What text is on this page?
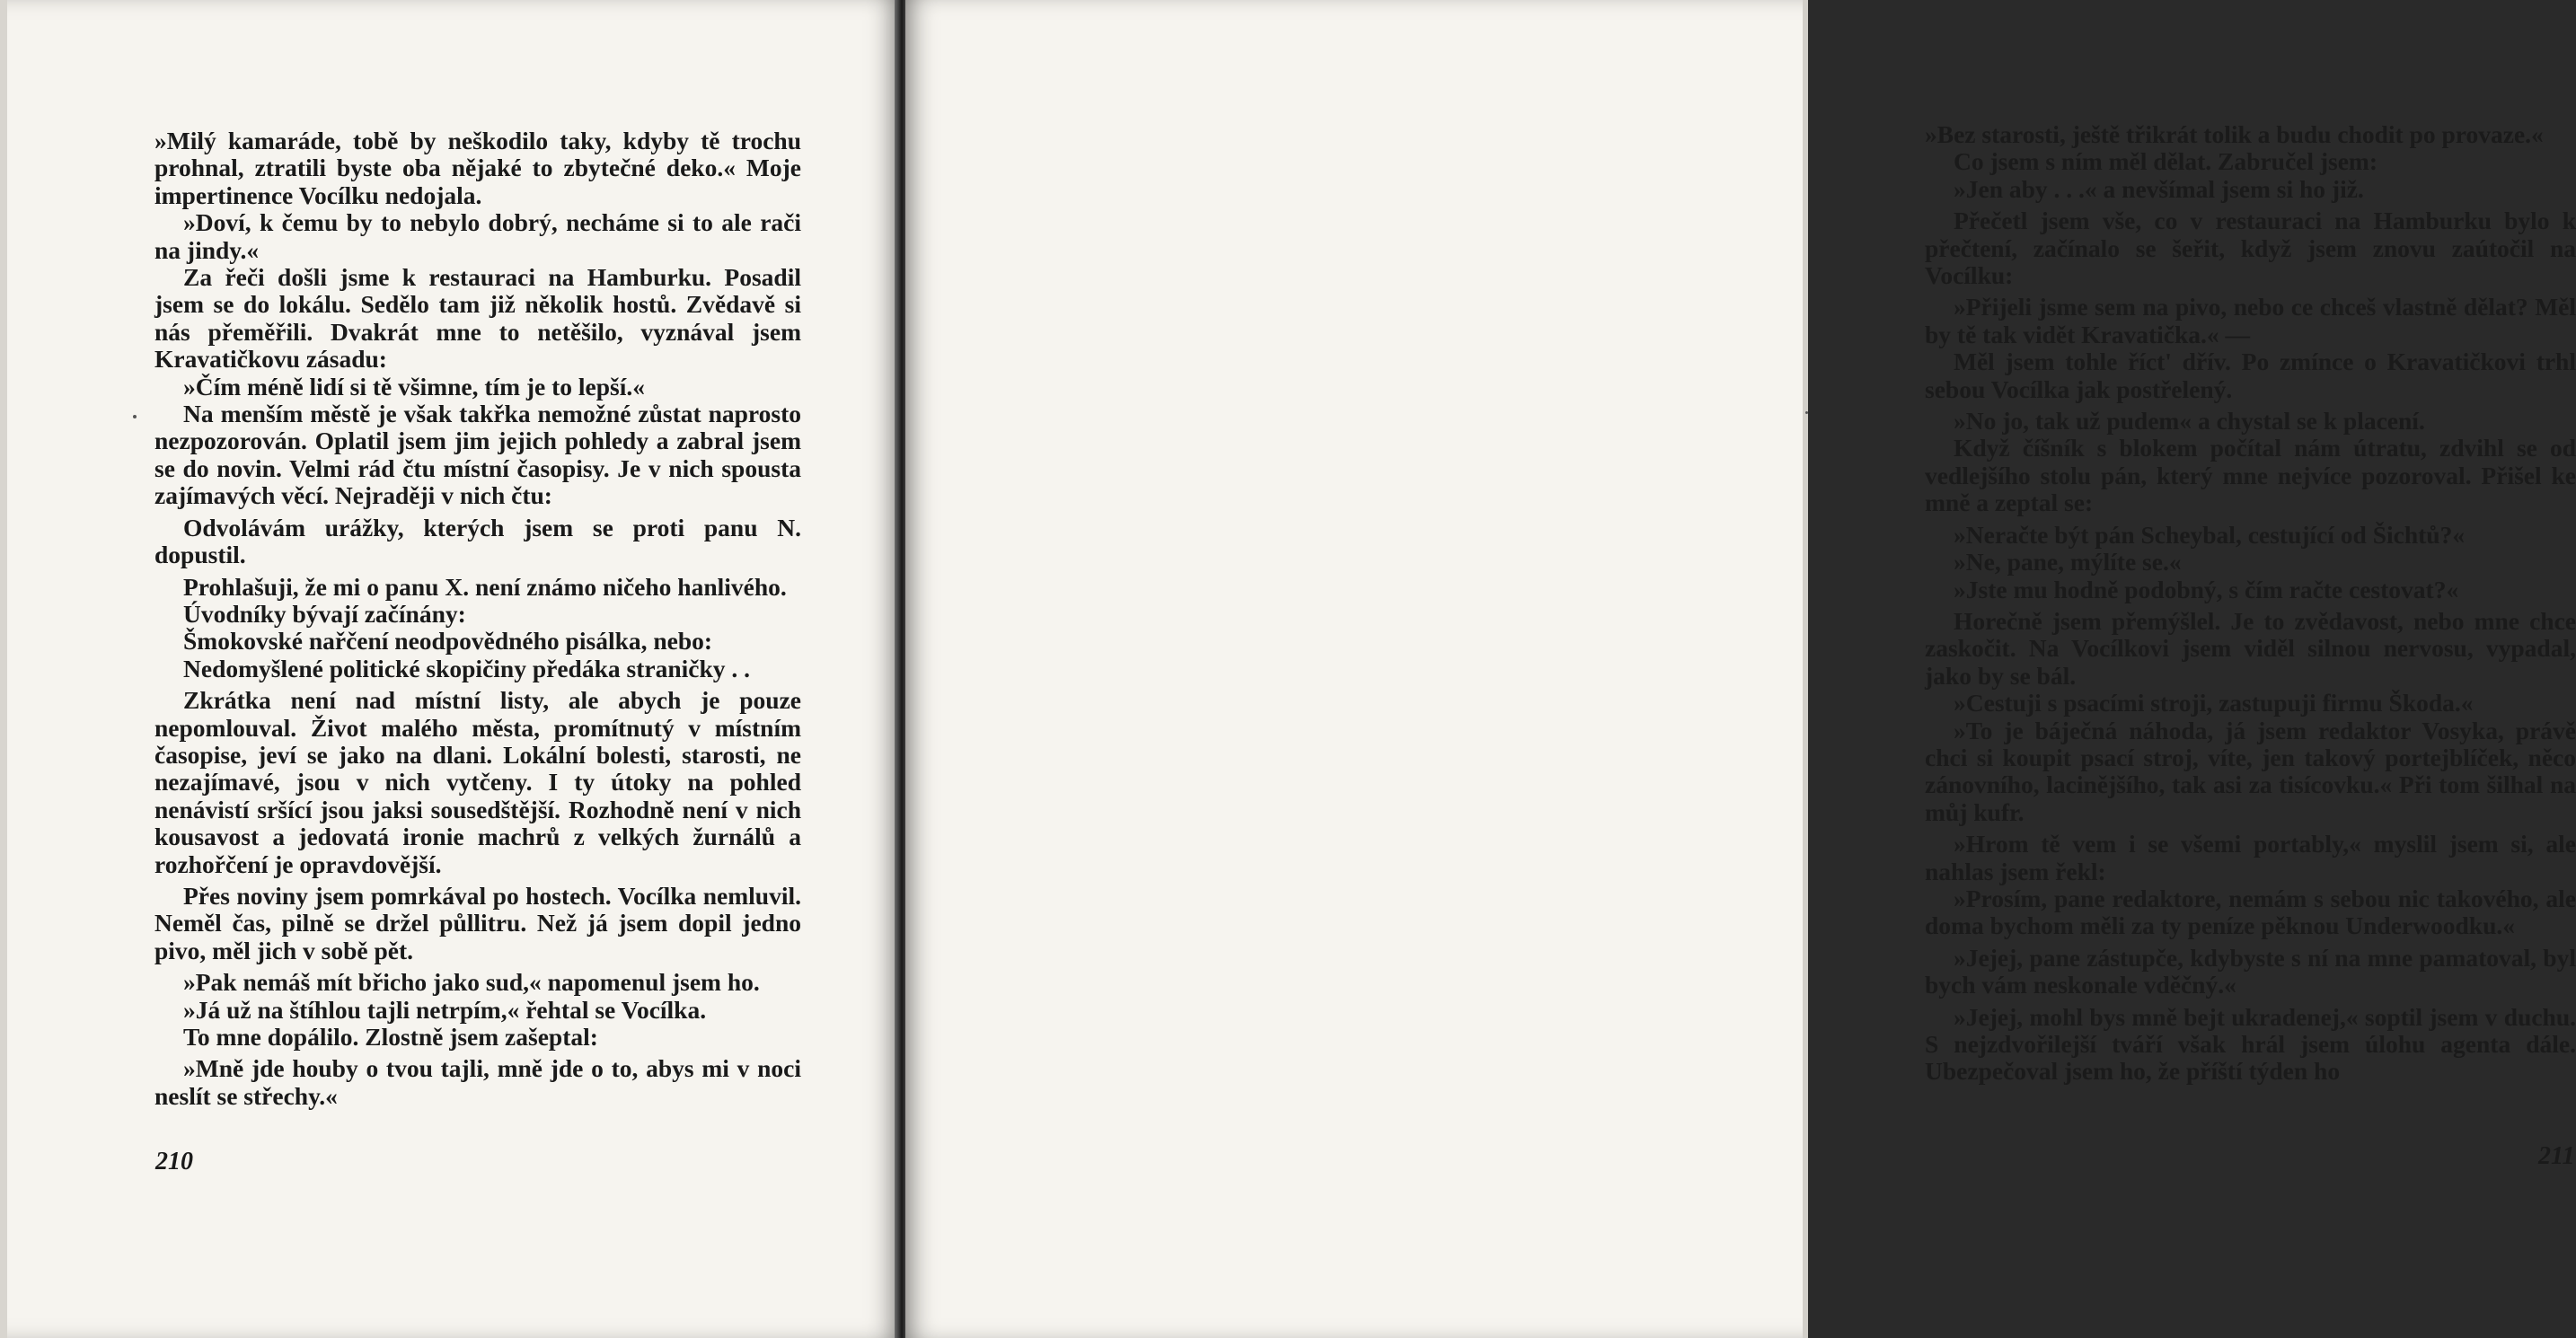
»Milý kamaráde, tobě by neškodilo taky, kdyby tě trochu prohnal, ztratili byste oba nějaké to zbytečné deko.« Moje impertinence Vocílku nedojala.

»Doví, k čemu by to nebylo dobrý, necháme si to ale rači na jindy.«

Za řeči došli jsme k restauraci na Hamburku. Posadil jsem se do lokálu. Sedělo tam již několik hostů. Zvědavě si nás přeměřili. Dvakrát mne to netěšilo, vyznával jsem Kravatičkovu zásadu:

»Čím méně lidí si tě všimne, tím je to lepší.«

Na menším městě je však takřka nemožné zůstat naprosto nezpozorován. Oplatil jsem jim jejich pohledy a zabral jsem se do novin. Velmi rád čtu místní časopisy. Je v nich spousta zajímavých věcí. Nejraději v nich čtu:

Odvolávám urážky, kterých jsem se proti panu N. dopustil.

Prohlašuji, že mi o panu X. není známo ničeho hanlivého.

Úvodníky bývají začínány:

Šmokovské nařčení neodpovědného pisálka, nebo:

Nedomyšlené politické skopičiny předáka straničky . .

Zkrátka není nad místní listy, ale abych je pouze nepomlouval. Život malého města, promítnutý v místním časopise, jeví se jako na dlani. Lokální bolesti, starosti, ne nezajímavé, jsou v nich vytčeny. I ty útoky na pohled nenávistí sršící jsou jaksi sousedštější. Rozhodně není v nich kousavost a jedovatá ironie machrů z velkých žurnálů a rozhořčení je opravdovější.

Přes noviny jsem pomrkával po hostech. Vocílka nemluvil. Neměl čas, pilně se držel půllitru. Než já jsem dopil jedno pivo, měl jich v sobě pět.

»Pak nemáš mít břicho jako sud,« napomenul jsem ho.

»Já už na štíhlou tajli netrpím,« řehtal se Vocílka.

To mne dopálilo. Zlostně jsem zašeptal:

»Mně jde houby o tvou tajli, mně jde o to, abys mi v noci neslít se střechy.«

210

»Bez starosti, ještě třikrát tolik a budu chodit po provaze.«

Co jsem s ním měl dělat. Zabručel jsem:

»Jen aby . . .« a nevšímal jsem si ho již.

Přečetl jsem vše, co v restauraci na Hamburku bylo k přečtení, začínalo se šeřit, když jsem znovu zaútočil na Vocílku:

»Přijeli jsme sem na pivo, nebo ce chceš vlastně dělat? Měl by tě tak vidět Kravatička.« —

Měl jsem tohle říct' dřív. Po zmínce o Kravatičkovi trhl sebou Vocílka jak postřelený.

»No jo, tak už pudem« a chystal se k placení.

Když číšník s blokem počítal nám útratu, zdvihl se od vedlejšího stolu pán, který mne nejvíce pozoroval. Přišel ke mně a zeptal se:

»Neračte být pán Scheybal, cestující od Šichtů?«

»Ne, pane, mýlíte se.«

»Jste mu hodně podobný, s čím račte cestovat?«

Horečně jsem přemýšlel. Je to zvědavost, nebo mne chce zaskočit. Na Vocílkovi jsem viděl silnou nervosu, vypadal, jako by se bál.

»Cestuji s psacími stroji, zastupuji firmu Škoda.«

»To je báječná náhoda, já jsem redaktor Vosyka, právě chci si koupit psací stroj, víte, jen takový portejblíček, něco zánovního, lacinějšího, tak asi za tisícovku.« Při tom šilhal na můj kufr.

»Hrom tě vem i se všemi portably,« myslil jsem si, ale nahlas jsem řekl:

»Prosím, pane redaktore, nemám s sebou nic takového, ale doma bychom měli za ty peníze pěknou Underwoodku.«

»Jejej, pane zástupče, kdybyste s ní na mne pamatoval, byl bych vám neskonale vděčný.«

»Jejej, mohl bys mně bejt ukradenej,« soptil jsem v duchu. S nejzdvořilejší tváří však hrál jsem úlohu agenta dále. Ubezpečoval jsem ho, že příští týden ho

211
